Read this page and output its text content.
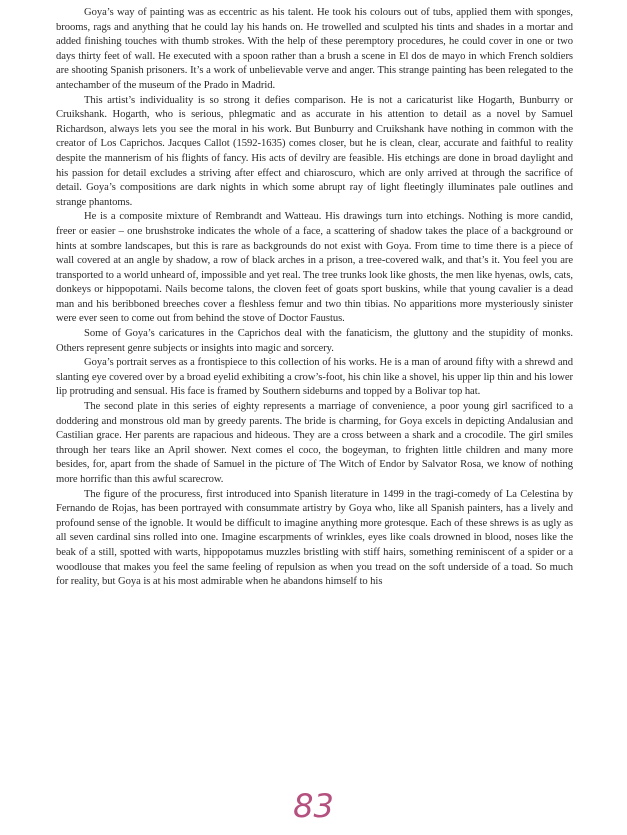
Goya’s way of painting was as eccentric as his talent. He took his colours out of tubs, applied them with sponges, brooms, rags and anything that he could lay his hands on. He trowelled and sculpted his tints and shades in a mortar and added finishing touches with thumb strokes. With the help of these peremptory procedures, he could cover in one or two days thirty feet of wall. He executed with a spoon rather than a brush a scene in El dos de mayo in which French soldiers are shooting Spanish prisoners. It’s a work of unbelievable verve and anger. This strange painting has been relegated to the antechamber of the museum of the Prado in Madrid.

This artist’s individuality is so strong it defies comparison. He is not a caricaturist like Hogarth, Bunburry or Cruikshank. Hogarth, who is serious, phlegmatic and as accurate in his attention to detail as a novel by Samuel Richardson, always lets you see the moral in his work. But Bunburry and Cruikshank have nothing in common with the creator of Los Caprichos. Jacques Callot (1592-1635) comes closer, but he is clean, clear, accurate and faithful to reality despite the mannerism of his flights of fancy. His acts of devilry are feasible. His etchings are done in broad daylight and his passion for detail excludes a striving after effect and chiaroscuro, which are only arrived at through the sacrifice of detail. Goya’s compositions are dark nights in which some abrupt ray of light fleetingly illuminates pale outlines and strange phantoms.

He is a composite mixture of Rembrandt and Watteau. His drawings turn into etchings. Nothing is more candid, freer or easier – one brushstroke indicates the whole of a face, a scattering of shadow takes the place of a background or hints at sombre landscapes, but this is rare as backgrounds do not exist with Goya. From time to time there is a piece of wall covered at an angle by shadow, a row of black arches in a prison, a tree-covered walk, and that’s it. You feel you are transported to a world unheard of, impossible and yet real. The tree trunks look like ghosts, the men like hyenas, owls, cats, donkeys or hippopotami. Nails become talons, the cloven feet of goats sport buskins, while that young cavalier is a dead man and his beribboned breeches cover a fleshless femur and two thin tibias. No apparitions more mysteriously sinister were ever seen to come out from behind the stove of Doctor Faustus.

Some of Goya’s caricatures in the Caprichos deal with the fanaticism, the gluttony and the stupidity of monks. Others represent genre subjects or insights into magic and sorcery.

Goya’s portrait serves as a frontispiece to this collection of his works. He is a man of around fifty with a shrewd and slanting eye covered over by a broad eyelid exhibiting a crow’s-foot, his chin like a shovel, his upper lip thin and his lower lip protruding and sensual. His face is framed by Southern sideburns and topped by a Bolivar top hat.

The second plate in this series of eighty represents a marriage of convenience, a poor young girl sacrificed to a doddering and monstrous old man by greedy parents. The bride is charming, for Goya excels in depicting Andalusian and Castilian grace. Her parents are rapacious and hideous. They are a cross between a shark and a crocodile. The girl smiles through her tears like an April shower. Next comes el coco, the bogeyman, to frighten little children and many more besides, for, apart from the shade of Samuel in the picture of The Witch of Endor by Salvator Rosa, we know of nothing more horrific than this awful scarecrow.

The figure of the procuress, first introduced into Spanish literature in 1499 in the tragi-comedy of La Celestina by Fernando de Rojas, has been portrayed with consummate artistry by Goya who, like all Spanish painters, has a lively and profound sense of the ignoble. It would be difficult to imagine anything more grotesque. Each of these shrews is as ugly as all seven cardinal sins rolled into one. Imagine escarpments of wrinkles, eyes like coals drowned in blood, noses like the beak of a still, spotted with warts, hippopotamus muzzles bristling with stiff hairs, something reminiscent of a spider or a woodlouse that makes you feel the same feeling of repulsion as when you tread on the soft underside of a toad. So much for reality, but Goya is at his most admirable when he abandons himself to his

83
